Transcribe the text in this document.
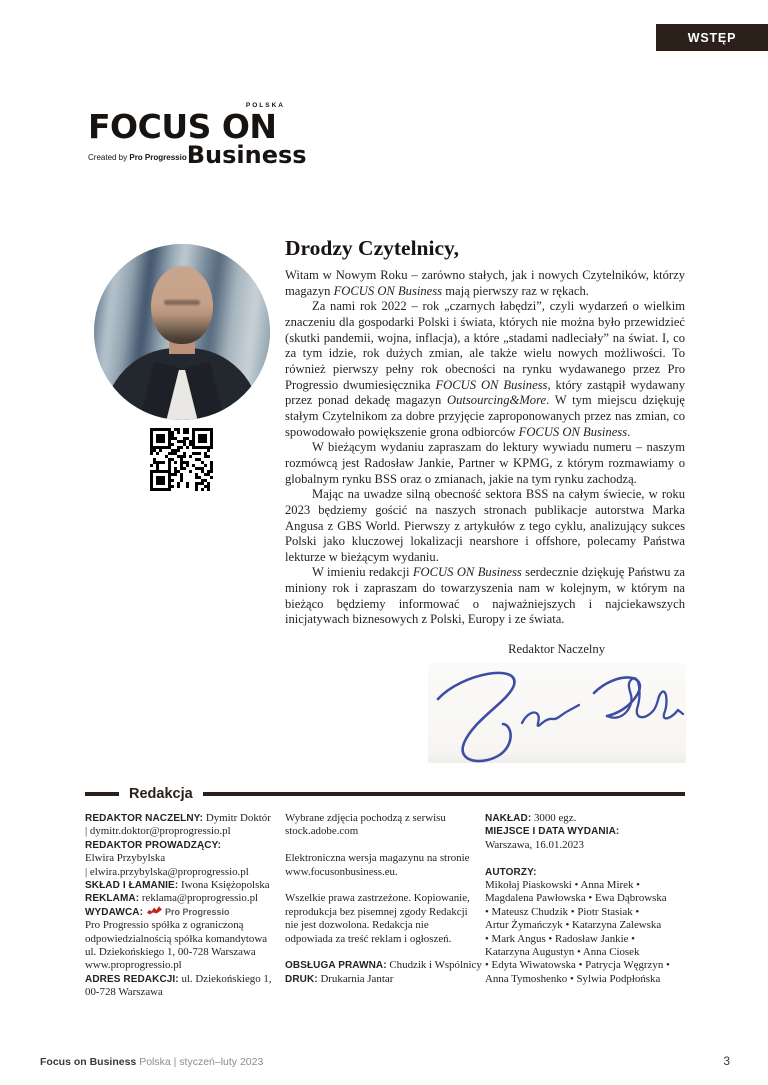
WSTĘP
POLSKA
FOCUS ON
Created by Pro Progressio Business
Drodzy Czytelnicy,
Witam w Nowym Roku – zarówno stałych, jak i nowych Czytelników, którzy magazyn FOCUS ON Business mają pierwszy raz w rękach.
Za nami rok 2022 – rok „czarnych łabędzi”, czyli wydarzeń o wielkim znaczeniu dla gospodarki Polski i świata, których nie można było przewidzieć (skutki pandemii, wojna, inflacja), a które „stadami nadleciały” na świat. I, co za tym idzie, rok dużych zmian, ale także wielu nowych możliwości. To również pierwszy pełny rok obecności na rynku wydawanego przez Pro Progressio dwumiesięcznika FOCUS ON Business, który zastąpił wydawany przez ponad dekadę magazyn Outsourcing&More. W tym miejscu dziękuję stałym Czytelnikom za dobre przyjęcie zaproponowanych przez nas zmian, co spowodowało powiększenie grona odbiorców FOCUS ON Business.
W bieżącym wydaniu zapraszam do lektury wywiadu numeru – naszym rozmówcą jest Radosław Jankie, Partner w KPMG, z którym rozmawiamy o globalnym rynku BSS oraz o zmianach, jakie na tym rynku zachodzą.
Mając na uwadze silną obecność sektora BSS na całym świecie, w roku 2023 będziemy gościć na naszych stronach publikacje autorstwa Marka Angusa z GBS World. Pierwszy z artykułów z tego cyklu, analizujący sukces Polski jako kluczowej lokalizacji nearshore i offshore, polecamy Państwa lekturze w bieżącym wydaniu.
W imieniu redakcji FOCUS ON Business serdecznie dziękuję Państwu za miniony rok i zapraszam do towarzyszenia nam w kolejnym, w którym na bieżąco będziemy informować o najważniejszych i najciekawszych inicjatywach biznesowych z Polski, Europy i ze świata.
Redaktor Naczelny
Redakcja
REDAKTOR NACZELNY: Dymitr Doktór
| dymitr.doktor@proprogressio.pl
REDAKTOR PROWADZĄCY:
Elwira Przybylska
| elwira.przybylska@proprogressio.pl
SKŁAD I ŁAMANIE: Iwona Księżopolska
REKLAMA: reklama@proprogressio.pl
WYDAWCA: Pro Progressio
Pro Progressio spółka z ograniczoną
odpowiedzialnością spółka komandytowa
ul. Dziekońskiego 1, 00-728 Warszawa
www.proprogressio.pl
ADRES REDAKCJI: ul. Dziekońskiego 1,
00-728 Warszawa
Wybrane zdjęcia pochodzą z serwisu
stock.adobe.com

Elektroniczna wersja magazynu na stronie
www.focusonbusiness.eu.

Wszelkie prawa zastrzeżone. Kopiowanie,
reprodukcja bez pisemnej zgody Redakcji
nie jest dozwolona. Redakcja nie
odpowiada za treść reklam i ogłoszeń.

OBSŁUGA PRAWNA: Chudzik i Wspólnicy
DRUK: Drukarnia Jantar
NAKŁAD: 3000 egz.
MIEJSCE I DATA WYDANIA:
Warszawa, 16.01.2023

AUTORZY:
Mikołaj Piaskowski • Anna Mirek •
Magdalena Pawłowska • Ewa Dąbrowska
• Mateusz Chudzik • Piotr Stasiak •
Artur Żymańczyk • Katarzyna Zalewska
• Mark Angus • Radosław Jankie •
Katarzyna Augustyn • Anna Ciosek
• Edyta Wiwatowska • Patrycja Węgrzyn •
Anna Tymoshenko • Sylwia Podpłońska
Focus on Business Polska | styczeń–luty 2023	3
